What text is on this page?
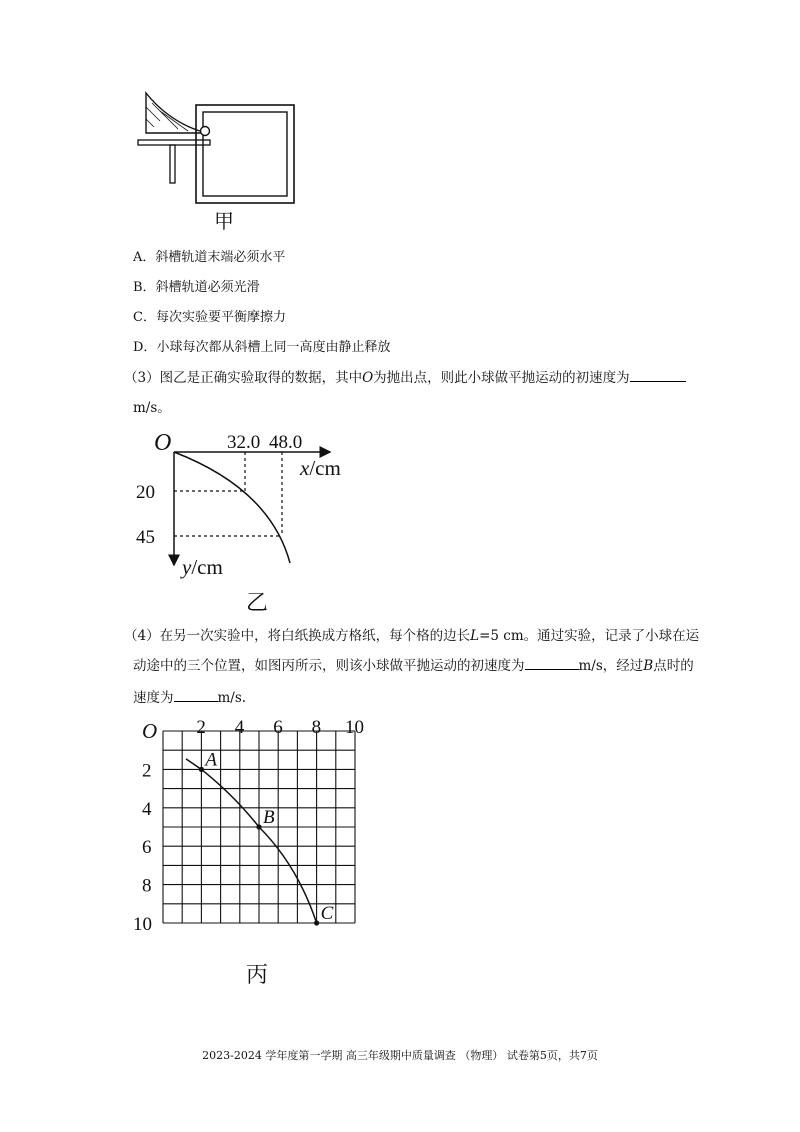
甲
A．斜槽轨道末端必须水平
B．斜槽轨道必须光滑
C．每次实验要平衡摩擦力
D．小球每次都从斜槽上同一高度由静止释放
（3）图乙是正确实验取得的数据，其中O为抛出点，则此小球做平抛运动的初速度为
m/s。
O	32.0 48.0
x/cm
20
45
y/cm
乙
（4）在另一次实验中，将白纸换成方格纸，每个格的边长L=5 cm。通过实验，记录了小球在运
动途中的三个位置，如图丙所示，则该小球做平抛运动的初速度为	m/s，经过B点时的
速度为	m/s.
O 2 4 6 8 10
2
4
6
8
10
A
B
C
丙
2023-2024 学年度第一学期 高三年级期中质量调查 （物理） 试卷第5页，共7页
